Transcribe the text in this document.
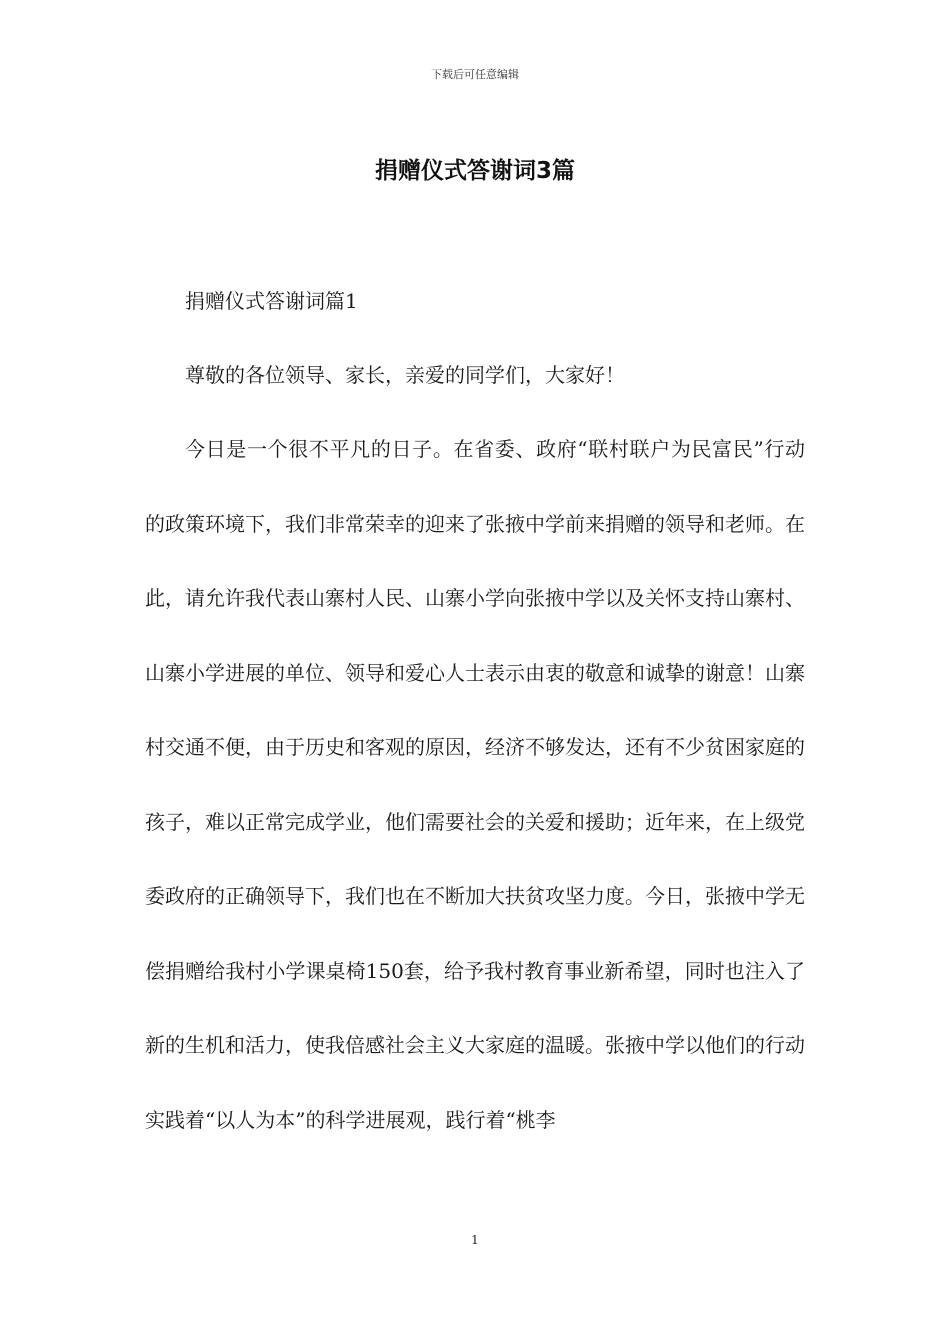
下载后可任意编辑
捐赠仪式答谢词3篇

捐赠仪式答谢词篇1

尊敬的各位领导、家长，亲爱的同学们，大家好！

今日是一个很不平凡的日子。在省委、政府“联村联户为民富民”行动的政策环境下，我们非常荣幸的迎来了张掖中学前来捐赠的领导和老师。在此，请允许我代表山寨村人民、山寨小学向张掖中学以及关怀支持山寨村、山寨小学进展的单位、领导和爱心人士表示由衷的敬意和诚挚的谢意！山寨村交通不便，由于历史和客观的原因，经济不够发达，还有不少贫困家庭的孩子，难以正常完成学业，他们需要社会的关爱和援助；近年来，在上级党委政府的正确领导下，我们也在不断加大扶贫攻坚力度。今日，张掖中学无偿捐赠给我村小学课桌椅150套，给予我村教育事业新希望，同时也注入了新的生机和活力，使我倍感社会主义大家庭的温暖。张掖中学以他们的行动实践着“以人为本”的科学进展观，践行着“桃李

1
